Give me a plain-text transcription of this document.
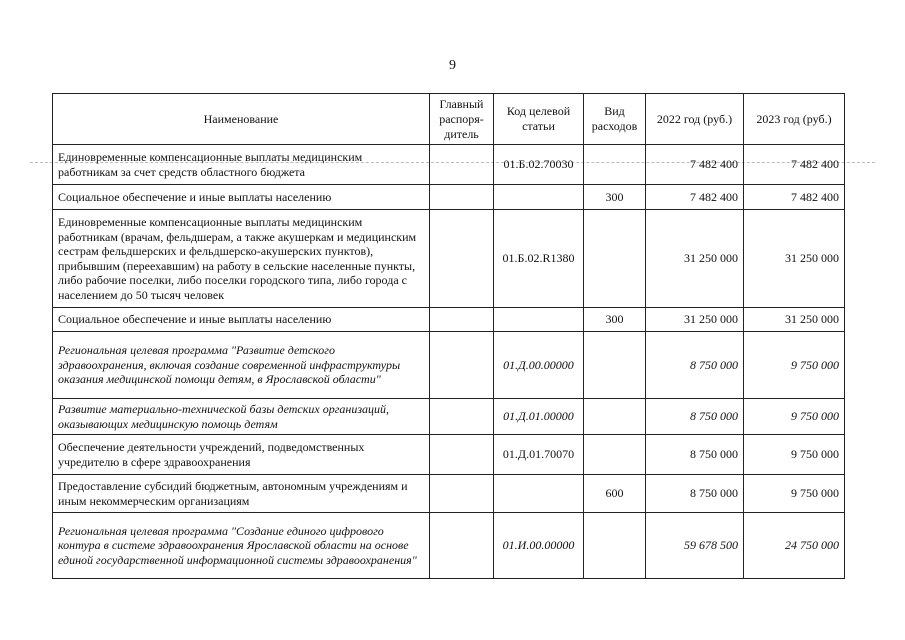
9
Наименование	Главный распоря-дитель	Код целевой статьи	Вид расходов	2022 год (руб.)	2023 год (руб.)
Единовременные компенсационные выплаты медицинским работникам за счет средств областного бюджета		01.Б.02.70030		7 482 400	7 482 400
Социальное обеспечение и иные выплаты населению			300	7 482 400	7 482 400
Единовременные компенсационные выплаты медицинским работникам (врачам, фельдшерам, а также акушеркам и медицинским сестрам фельдшерских и фельдшерско-акушерских пунктов), прибывшим (переехавшим) на работу в сельские населенные пункты, либо рабочие поселки, либо поселки городского типа, либо города с населением до 50 тысяч человек		01.Б.02.R1380		31 250 000	31 250 000
Социальное обеспечение и иные выплаты населению			300	31 250 000	31 250 000
Региональная целевая программа "Развитие детского здравоохранения, включая создание современной инфраструктуры оказания медицинской помощи детям, в Ярославской области"		01.Д.00.00000		8 750 000	9 750 000
Развитие материально-технической базы детских организаций, оказывающих медицинскую помощь детям		01.Д.01.00000		8 750 000	9 750 000
Обеспечение деятельности учреждений, подведомственных учредителю в сфере здравоохранения		01.Д.01.70070		8 750 000	9 750 000
Предоставление субсидий бюджетным, автономным учреждениям и иным некоммерческим организациям			600	8 750 000	9 750 000
Региональная целевая программа "Создание единого цифрового контура в системе здравоохранения Ярославской области на основе единой государственной информационной системы здравоохранения"		01.И.00.00000		59 678 500	24 750 000
